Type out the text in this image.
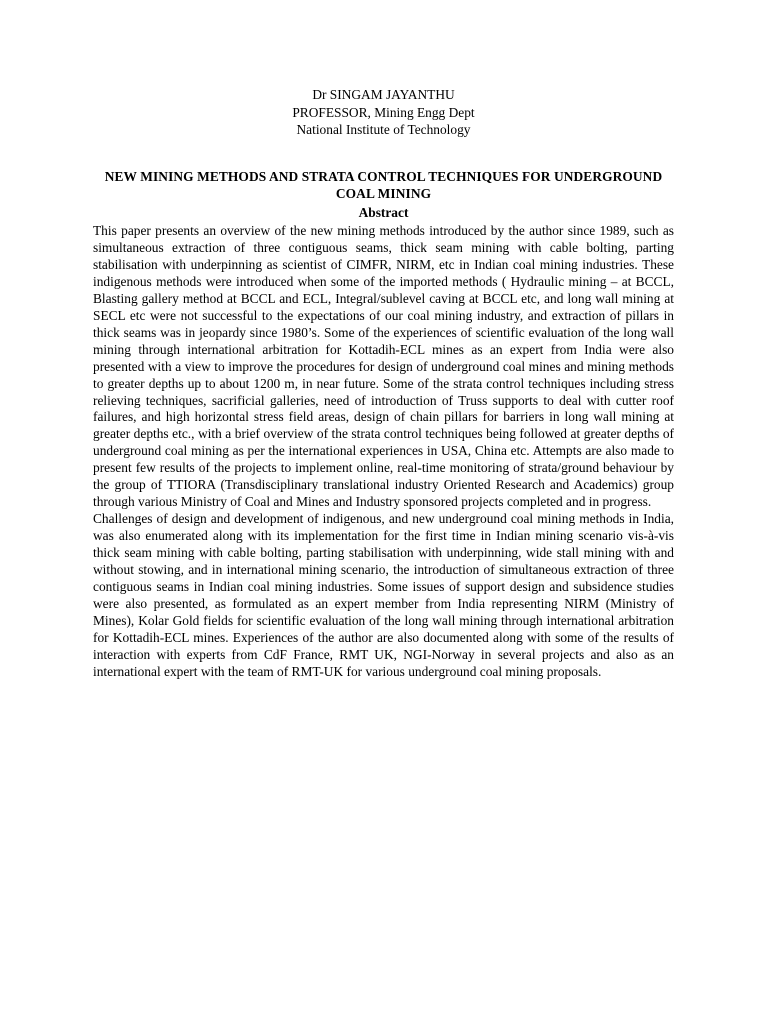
Dr SINGAM JAYANTHU
PROFESSOR, Mining Engg Dept
National Institute of Technology
NEW MINING METHODS AND STRATA CONTROL TECHNIQUES FOR UNDERGROUND COAL MINING
Abstract

This paper presents an overview of the new mining methods introduced by the author since 1989, such as simultaneous extraction of three contiguous seams, thick seam mining with cable bolting, parting stabilisation with underpinning as scientist of CIMFR, NIRM, etc in Indian coal mining industries. These indigenous methods were introduced when some of the imported methods ( Hydraulic mining – at BCCL, Blasting gallery method at BCCL and ECL, Integral/sublevel caving at BCCL etc, and long wall mining at SECL etc were not successful to the expectations of our coal mining industry, and extraction of pillars in thick seams was in jeopardy since 1980’s. Some of the experiences of scientific evaluation of the long wall mining through international arbitration for Kottadih-ECL mines as an expert from India were also presented with a view to improve the procedures for design of underground coal mines and mining methods to greater depths up to about 1200 m, in near future. Some of the strata control techniques including stress relieving techniques, sacrificial galleries, need of introduction of Truss supports to deal with cutter roof failures, and high horizontal stress field areas, design of chain pillars for barriers in long wall mining at greater depths etc., with a brief overview of the strata control techniques being followed at greater depths of underground coal mining as per the international experiences in USA, China etc. Attempts are also made to present few results of the projects to implement online, real-time monitoring of strata/ground behaviour by the group of TTIORA (Transdisciplinary translational industry Oriented Research and Academics) group through various Ministry of Coal and Mines and Industry sponsored projects completed and in progress.

Challenges of design and development of indigenous, and new underground coal mining methods in India, was also enumerated along with its implementation for the first time in Indian mining scenario vis-à-vis thick seam mining with cable bolting, parting stabilisation with underpinning, wide stall mining with and without stowing, and in international mining scenario, the introduction of simultaneous extraction of three contiguous seams in Indian coal mining industries. Some issues of support design and subsidence studies were also presented, as formulated as an expert member from India representing NIRM (Ministry of Mines), Kolar Gold fields for scientific evaluation of the long wall mining through international arbitration for Kottadih-ECL mines. Experiences of the author are also documented along with some of the results of interaction with experts from CdF France, RMT UK, NGI-Norway in several projects and also as an international expert with the team of RMT-UK for various underground coal mining proposals.
